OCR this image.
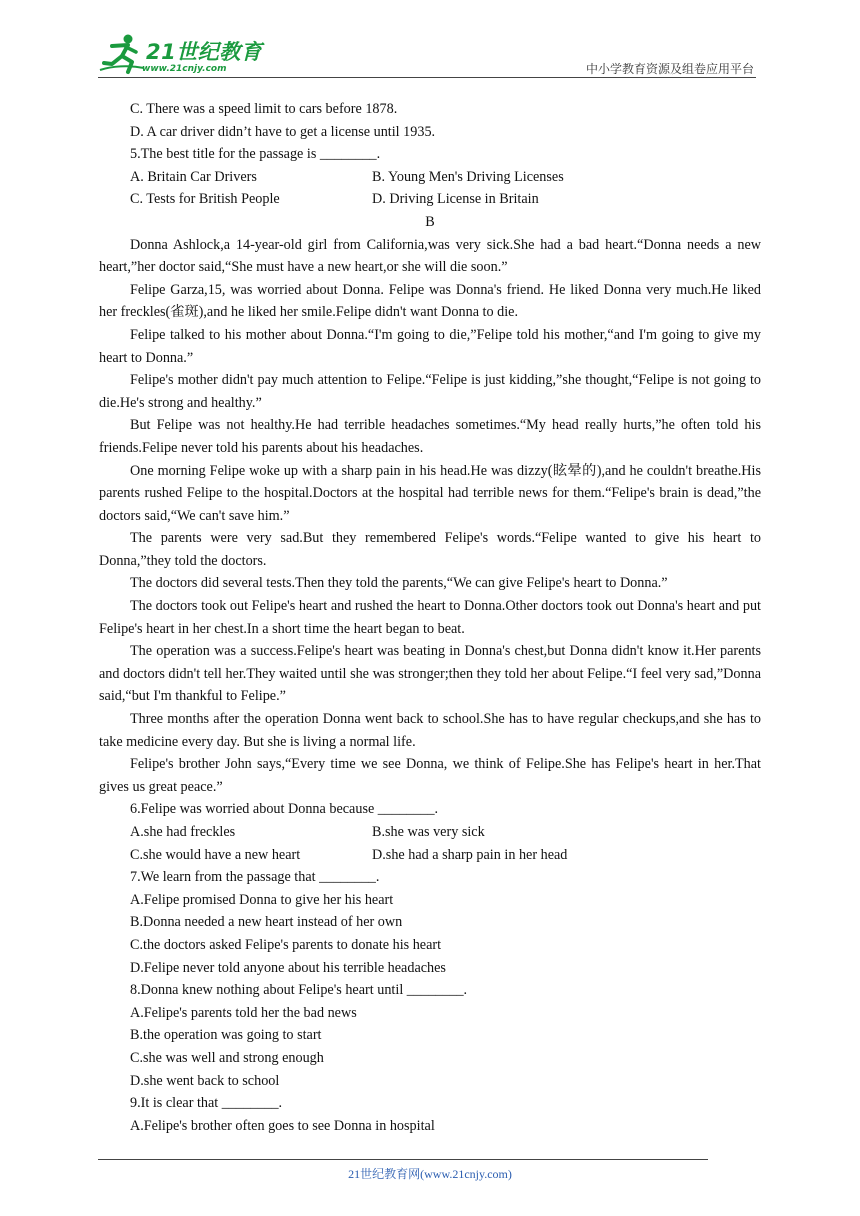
21世纪教育
www.21cnjy.com	中小学教育资源及组卷应用平台

C. There was a speed limit to cars before 1878.

D. A car driver didn’t have to get a license until 1935.

5.The best title for the passage is ________.

A. Britain Car Drivers	B. Young Men's Driving Licenses
C. Tests for British People	D. Driving License in Britain

B

Donna Ashlock,a 14-year-old girl from California,was very sick.She had a bad heart.“Donna needs a new heart,”her doctor said,“She must have a new heart,or she will die soon.”

Felipe Garza,15, was worried about Donna. Felipe was Donna's friend. He liked Donna very much.He liked her freckles(雀斑),and he liked her smile.Felipe didn't want Donna to die.

Felipe talked to his mother about Donna.“I'm going to die,”Felipe told his mother,“and I'm going to give my heart to Donna.”

Felipe's mother didn't pay much attention to Felipe.“Felipe is just kidding,”she thought,“Felipe is not going to die.He's strong and healthy.”

But Felipe was not healthy.He had terrible headaches sometimes.“My head really hurts,”he often told his friends.Felipe never told his parents about his headaches.

One morning Felipe woke up with a sharp pain in his head.He was dizzy(眩晕的),and he couldn't breathe.His parents rushed Felipe to the hospital.Doctors at the hospital had terrible news for them.“Felipe's brain is dead,”the doctors said,“We can't save him.”

The parents were very sad.But they remembered Felipe's words.“Felipe wanted to give his heart to Donna,”they told the doctors.

The doctors did several tests.Then they told the parents,“We can give Felipe's heart to Donna.”

The doctors took out Felipe's heart and rushed the heart to Donna.Other doctors took out Donna's heart and put Felipe's heart in her chest.In a short time the heart began to beat.

The operation was a success.Felipe's heart was beating in Donna's chest,but Donna didn't know it.Her parents and doctors didn't tell her.They waited until she was stronger;then they told her about Felipe.“I feel very sad,”Donna said,“but I'm thankful to Felipe.”

Three months after the operation Donna went back to school.She has to have regular checkups,and she has to take medicine every day. But she is living a normal life.

Felipe's brother John says,“Every time we see Donna, we think of Felipe.She has Felipe's heart in her.That gives us great peace.”

6.Felipe was worried about Donna because ________.

A.she had freckles	B.she was very sick
C.she would have a new heart	D.she had a sharp pain in her head

7.We learn from the passage that ________.

A.Felipe promised Donna to give her his heart

B.Donna needed a new heart instead of her own

C.the doctors asked Felipe's parents to donate his heart

D.Felipe never told anyone about his terrible headaches

8.Donna knew nothing about Felipe's heart until ________.

A.Felipe's parents told her the bad news

B.the operation was going to start

C.she was well and strong enough

D.she went back to school

9.It is clear that ________.

A.Felipe's brother often goes to see Donna in hospital

21世纪教育网(www.21cnjy.com)
